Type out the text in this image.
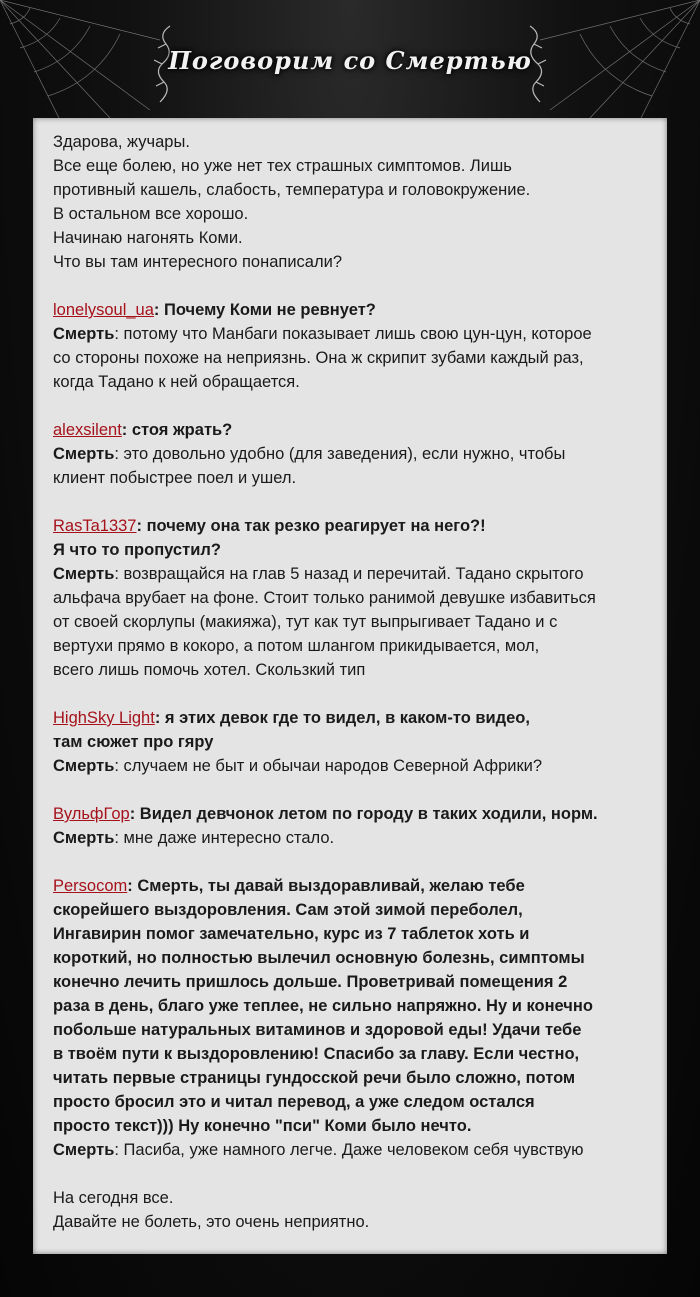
Поговорим со Смертью
Здарова, жучары.
Все еще болею, но уже нет тех страшных симптомов. Лишь
противный кашель, слабость, температура и головокружение.
В остальном все хорошо.
Начинаю нагонять Коми.
Что вы там интересного понаписали?
lonelysoul_ua: Почему Коми не ревнует?
Смерть: потому что Манбаги показывает лишь свою цун-цун, которое
со стороны похоже на неприязнь. Она ж скрипит зубами каждый раз,
когда Тадано к ней обращается.
alexsilent: стоя жрать?
Смерть: это довольно удобно (для заведения), если нужно, чтобы
клиент побыстрее поел и ушел.
RasTa1337: почему она так резко реагирует на него?!
Я что то пропустил?
Смерть: возвращайся на глав 5 назад и перечитай. Тадано скрытого
альфача врубает на фоне. Стоит только ранимой девушке избавиться
от своей скорлупы (макияжа), тут как тут выпрыгивает Тадано и с
вертухи прямо в кокоро, а потом шлангом прикидывается, мол,
всего лишь помочь хотел. Скользкий тип
HighSky Light: я этих девок где то видел, в каком-то видео,
там сюжет про гяру
Смерть: случаем не быт и обычаи народов Северной Африки?
ВульфГор: Видел девчонок летом по городу в таких ходили, норм.
Смерть: мне даже интересно стало.
Persocom: Смерть, ты давай выздоравливай, желаю тебе
скорейшего выздоровления. Сам этой зимой переболел,
Ингавирин помог замечательно, курс из 7 таблеток хоть и
короткий, но полностью вылечил основную болезнь, симптомы
конечно лечить пришлось дольше. Проветривай помещения 2
раза в день, благо уже теплее, не сильно напряжно. Ну и конечно
побольше натуральных витаминов и здоровой еды! Удачи тебе
в твоём пути к выздоровлению! Спасибо за главу. Если честно,
читать первые страницы гундосской речи было сложно, потом
просто бросил это и читал перевод, а уже следом остался
просто текст))) Ну конечно "пси" Коми было нечто.
Смерть: Пасиба, уже намного легче. Даже человеком себя чувствую
На сегодня все.
Давайте не болеть, это очень неприятно.
